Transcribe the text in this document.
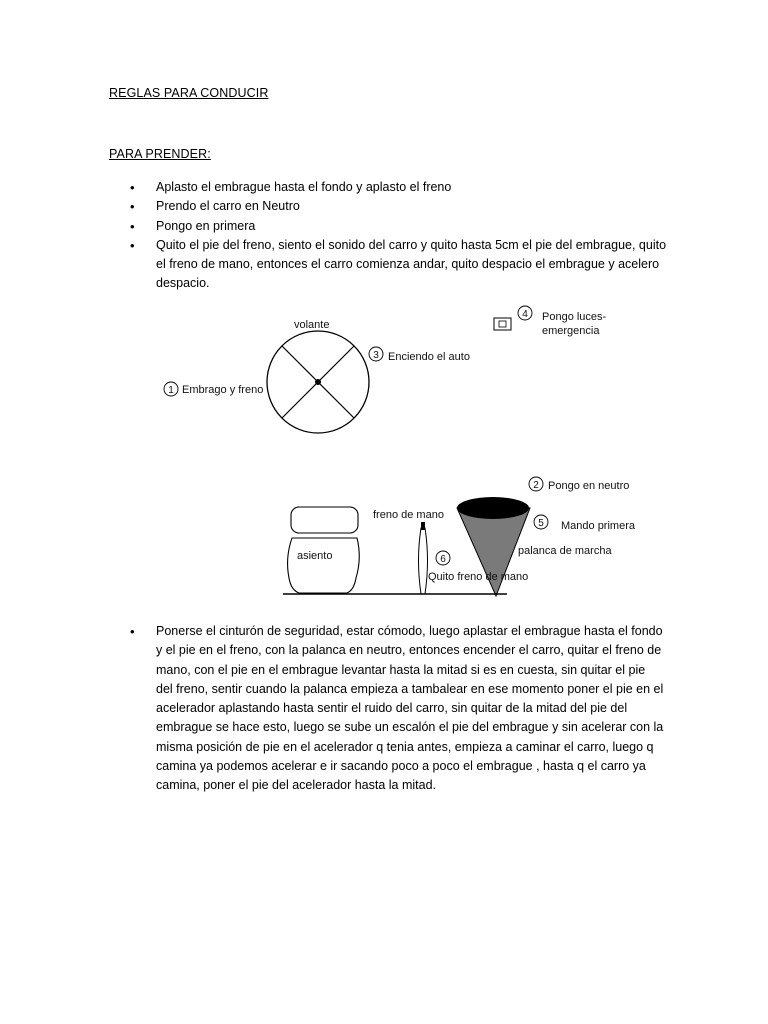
REGLAS PARA CONDUCIR
PARA PRENDER:
• Aplasto el embrague hasta el fondo y aplasto el freno
• Prendo el carro en Neutro
• Pongo en primera
• Quito el pie del freno, siento el sonido del carro y quito hasta 5cm el pie del embrague, quito el freno de mano, entonces el carro comienza andar, quito despacio el embrague y acelero despacio.
volante
1 Embrago y freno
3 Enciendo el auto
4 Pongo luces-
emergencia
2 Pongo en neutro
asiento
freno de mano
6
palanca de marcha
5 Mando primera
Quito freno de mano
• Ponerse el cinturón de seguridad, estar cómodo, luego aplastar el embrague hasta el fondo y el pie en el freno, con la palanca en neutro, entonces encender el carro, quitar el freno de mano, con el pie en el embrague levantar hasta la mitad si es en cuesta, sin quitar el pie del freno, sentir cuando la palanca empieza a tambalear en ese momento poner el pie en el acelerador aplastando hasta sentir el ruido del carro, sin quitar de la mitad del pie del embrague se hace esto, luego se sube un escalón el pie del embrague y sin acelerar con la misma posición de pie en el acelerador q tenia antes, empieza a caminar el carro, luego q camina ya podemos acelerar e ir sacando poco a poco el embrague , hasta q el carro ya camina, poner el pie del acelerador hasta la mitad.
